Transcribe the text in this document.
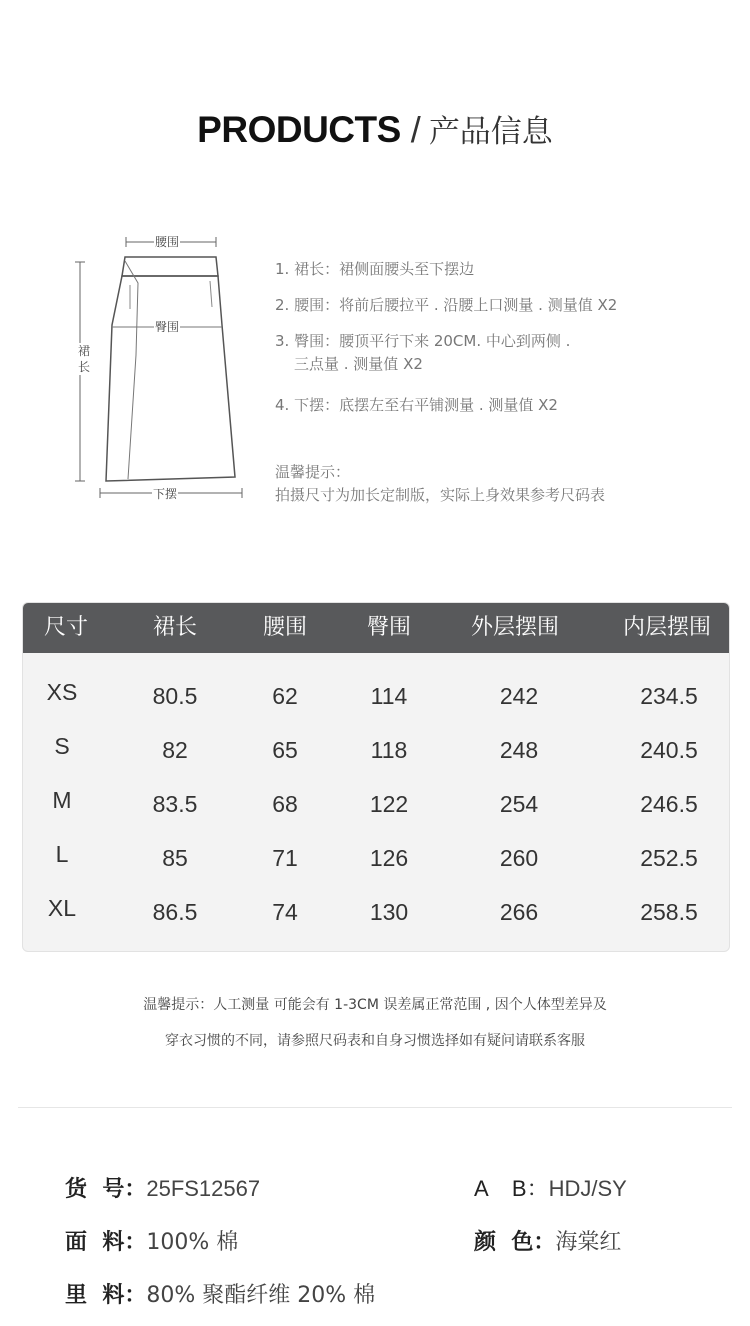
PRODUCTS / 产品信息
腰围
臀围
裙长
下摆
1. 裙长：裙侧面腰头至下摆边
2. 腰围：将前后腰拉平 . 沿腰上口测量 . 测量值 X2
3. 臀围：腰顶平行下来 20CM. 中心到两侧 .
三点量 . 测量值 X2
4. 下摆：底摆左至右平铺测量 . 测量值 X2
温馨提示：
拍摄尺寸为加长定制版，实际上身效果参考尺码表
尺寸	裙长	腰围	臀围	外层摆围	内层摆围
XS	80.5	62	114	242	234.5
S	82	65	118	248	240.5
M	83.5	68	122	254	246.5
L	85	71	126	260	252.5
XL	86.5	74	130	266	258.5
温馨提示：人工测量 可能会有 1-3CM 误差属正常范围 , 因个人体型差异及
穿衣习惯的不同，请参照尺码表和自身习惯选择如有疑问请联系客服
货  号：25FS12567	A    B：HDJ/SY
面  料：100% 棉	颜  色：海棠红
里  料：80% 聚酯纤维 20% 棉
